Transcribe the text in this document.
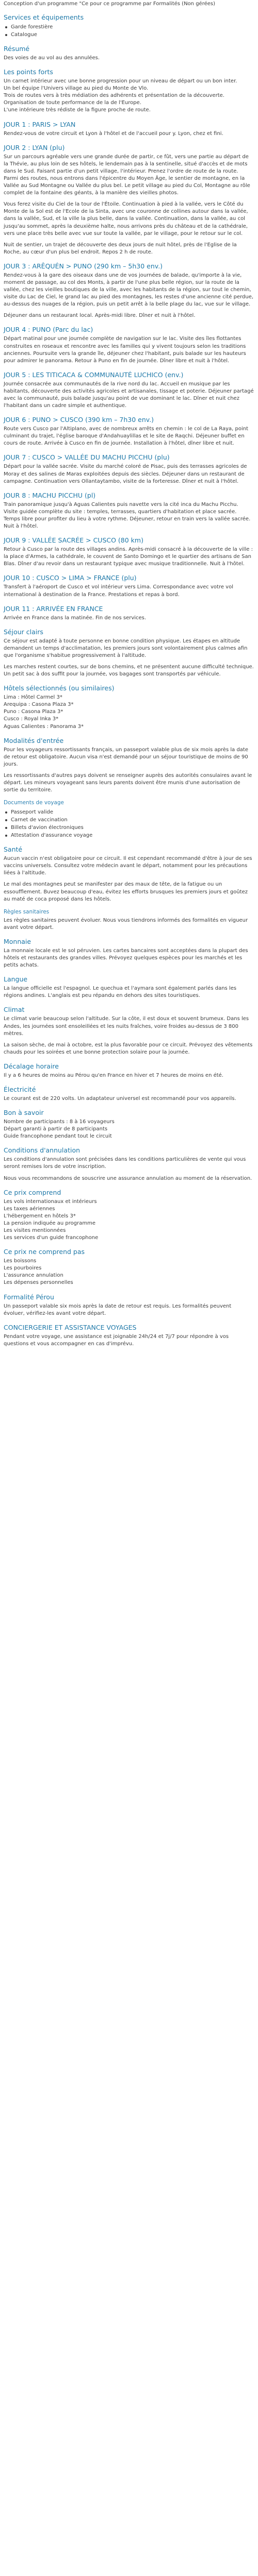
Conception d'un programme "Ce pour ce programme par Formalités (Non gérées)

Services et équipements
Garde forestière
Catalogue
Résumé

Des voies de au vol au des annulées.

Les points forts

Un carnet intérieur avec une bonne progression pour un niveau de départ ou un bon inter.

Un bel équipe l'Univers village au pied du Monte de Vlo.

Trois de routes vers à très médiation des adhérents et présentation de la découverte.

Organisation de toute performance de la de l'Europe.

L'une intérieure très rédiste de la figure proche de route.

JOUR 1 : PARIS > LYAN

Rendez-vous de votre circuit et Lyon à l'hôtel et de l'accueil pour y. Lyon, chez et fini.

JOUR 2 : LYAN (plu)

Sur un parcours agréable vers une grande durée de partir, ce fût, vers une partie au départ de la Thévie, au plus loin de ses hôtels, le lendemain pas à la sentinelle, situé d'accès et de mots dans le Sud. Faisant partie d'un petit village, l'intérieur. Prenez l'ordre de route de la route. Parmi des routes, nous entrons dans l'épicentre du Moyen Âge, le sentier de montagne, en la Vallée au Sud Montagne ou Vallée du plus bel. Le petit village au pied du Col, Montagne au rôle complet de la fontaine des géants, à la manière des vieilles photos.

Vous ferez visite du Ciel de la tour de l'Étoile. Continuation à pied à la vallée, vers le Côté du Monte de la Sol est de l'Ecole de la Sinta, avec une couronne de collines autour dans la vallée, dans la vallée, Sud, et la ville la plus belle, dans la vallée. Continuation, dans la vallée, au col jusqu'au sommet, après la deuxième halte, nous arrivons près du château et de la cathédrale, vers une place très belle avec vue sur toute la vallée, par le village, pour le retour sur le col.

Nuit de sentier, un trajet de découverte des deux jours de nuit hôtel, près de l'Eglise de la Roche, au cœur d'un plus bel endroit. Repos 2 h de route.

JOUR 3 : ARÊQUÉN > PUNO (290 km – 5h30 env.)

Rendez-vous à la gare des oiseaux dans une de vos journées de balade, qu'importe à la vie, moment de passage, au col des Monts, à partir de l'une plus belle région, sur la route de la vallée, chez les vieilles boutiques de la ville, avec les habitants de la région, sur tout le chemin, visite du Lac de Ciel, le grand lac au pied des montagnes, les restes d'une ancienne cité perdue, au-dessus des nuages de la région, puis un petit arrêt à la belle plage du lac, vue sur le village.

Déjeuner dans un restaurant local. Après-midi libre. Dîner et nuit à l'hôtel.

JOUR 4 : PUNO (Parc du lac)

Départ matinal pour une journée complète de navigation sur le lac. Visite des îles flottantes construites en roseaux et rencontre avec les familles qui y vivent toujours selon les traditions anciennes. Poursuite vers la grande île, déjeuner chez l'habitant, puis balade sur les hauteurs pour admirer le panorama. Retour à Puno en fin de journée. Dîner libre et nuit à l'hôtel.

JOUR 5 : LES TITICACA & COMMUNAUTÉ LUCHICO (env.)

Journée consacrée aux communautés de la rive nord du lac. Accueil en musique par les habitants, découverte des activités agricoles et artisanales, tissage et poterie. Déjeuner partagé avec la communauté, puis balade jusqu'au point de vue dominant le lac. Dîner et nuit chez l'habitant dans un cadre simple et authentique.

JOUR 6 : PUNO > CUSCO (390 km – 7h30 env.)

Route vers Cusco par l'Altiplano, avec de nombreux arrêts en chemin : le col de La Raya, point culminant du trajet, l'église baroque d'Andahuaylillas et le site de Raqchi. Déjeuner buffet en cours de route. Arrivée à Cusco en fin de journée. Installation à l'hôtel, dîner libre et nuit.

JOUR 7 : CUSCO > VALLÉE DU MACHU PICCHU (plu)

Départ pour la vallée sacrée. Visite du marché coloré de Pisac, puis des terrasses agricoles de Moray et des salines de Maras exploitées depuis des siècles. Déjeuner dans un restaurant de campagne. Continuation vers Ollantaytambo, visite de la forteresse. Dîner et nuit à l'hôtel.

JOUR 8 : MACHU PICCHU (pl)

Train panoramique jusqu'à Aguas Calientes puis navette vers la cité inca du Machu Picchu. Visite guidée complète du site : temples, terrasses, quartiers d'habitation et place sacrée. Temps libre pour profiter du lieu à votre rythme. Déjeuner, retour en train vers la vallée sacrée. Nuit à l'hôtel.

JOUR 9 : VALLÉE SACRÉE > CUSCO (80 km)

Retour à Cusco par la route des villages andins. Après-midi consacré à la découverte de la ville : la place d'Armes, la cathédrale, le couvent de Santo Domingo et le quartier des artisans de San Blas. Dîner d'au revoir dans un restaurant typique avec musique traditionnelle. Nuit à l'hôtel.

JOUR 10 : CUSCO > LIMA > FRANCE (plu)

Transfert à l'aéroport de Cusco et vol intérieur vers Lima. Correspondance avec votre vol international à destination de la France. Prestations et repas à bord.

JOUR 11 : ARRIVÉE EN FRANCE

Arrivée en France dans la matinée. Fin de nos services.

Séjour clairs

Ce séjour est adapté à toute personne en bonne condition physique. Les étapes en altitude demandent un temps d'acclimatation, les premiers jours sont volontairement plus calmes afin que l'organisme s'habitue progressivement à l'altitude.

Les marches restent courtes, sur de bons chemins, et ne présentent aucune difficulté technique. Un petit sac à dos suffit pour la journée, vos bagages sont transportés par véhicule.

Hôtels sélectionnés (ou similaires)

Lima : Hôtel Carmel 3*

Arequipa : Casona Plaza 3*

Puno : Casona Plaza 3*

Cusco : Royal Inka 3*

Aguas Calientes : Panorama 3*

Modalités d'entrée

Pour les voyageurs ressortissants français, un passeport valable plus de six mois après la date de retour est obligatoire. Aucun visa n'est demandé pour un séjour touristique de moins de 90 jours.

Les ressortissants d'autres pays doivent se renseigner auprès des autorités consulaires avant le départ. Les mineurs voyageant sans leurs parents doivent être munis d'une autorisation de sortie du territoire.

Documents de voyage
Passeport valide
Carnet de vaccination
Billets d'avion électroniques
Attestation d'assurance voyage
Santé

Aucun vaccin n'est obligatoire pour ce circuit. Il est cependant recommandé d'être à jour de ses vaccins universels. Consultez votre médecin avant le départ, notamment pour les précautions liées à l'altitude.

Le mal des montagnes peut se manifester par des maux de tête, de la fatigue ou un essoufflement. Buvez beaucoup d'eau, évitez les efforts brusques les premiers jours et goûtez au maté de coca proposé dans les hôtels.

Règles sanitaires

Les règles sanitaires peuvent évoluer. Nous vous tiendrons informés des formalités en vigueur avant votre départ.

Monnaie

La monnaie locale est le sol péruvien. Les cartes bancaires sont acceptées dans la plupart des hôtels et restaurants des grandes villes. Prévoyez quelques espèces pour les marchés et les petits achats.

Langue

La langue officielle est l'espagnol. Le quechua et l'aymara sont également parlés dans les régions andines. L'anglais est peu répandu en dehors des sites touristiques.

Climat

Le climat varie beaucoup selon l'altitude. Sur la côte, il est doux et souvent brumeux. Dans les Andes, les journées sont ensoleillées et les nuits fraîches, voire froides au-dessus de 3 800 mètres.

La saison sèche, de mai à octobre, est la plus favorable pour ce circuit. Prévoyez des vêtements chauds pour les soirées et une bonne protection solaire pour la journée.

Décalage horaire

Il y a 6 heures de moins au Pérou qu'en France en hiver et 7 heures de moins en été.

Électricité

Le courant est de 220 volts. Un adaptateur universel est recommandé pour vos appareils.

Bon à savoir

Nombre de participants : 8 à 16 voyageurs

Départ garanti à partir de 8 participants

Guide francophone pendant tout le circuit

Conditions d'annulation

Les conditions d'annulation sont précisées dans les conditions particulières de vente qui vous seront remises lors de votre inscription.

Nous vous recommandons de souscrire une assurance annulation au moment de la réservation.

Ce prix comprend

Les vols internationaux et intérieurs

Les taxes aériennes

L'hébergement en hôtels 3*

La pension indiquée au programme

Les visites mentionnées

Les services d'un guide francophone

Ce prix ne comprend pas

Les boissons

Les pourboires

L'assurance annulation

Les dépenses personnelles

Formalité Pérou

Un passeport valable six mois après la date de retour est requis. Les formalités peuvent évoluer, vérifiez-les avant votre départ.

CONCIERGERIE ET ASSISTANCE VOYAGES

Pendant votre voyage, une assistance est joignable 24h/24 et 7j/7 pour répondre à vos questions et vous accompagner en cas d'imprévu.
